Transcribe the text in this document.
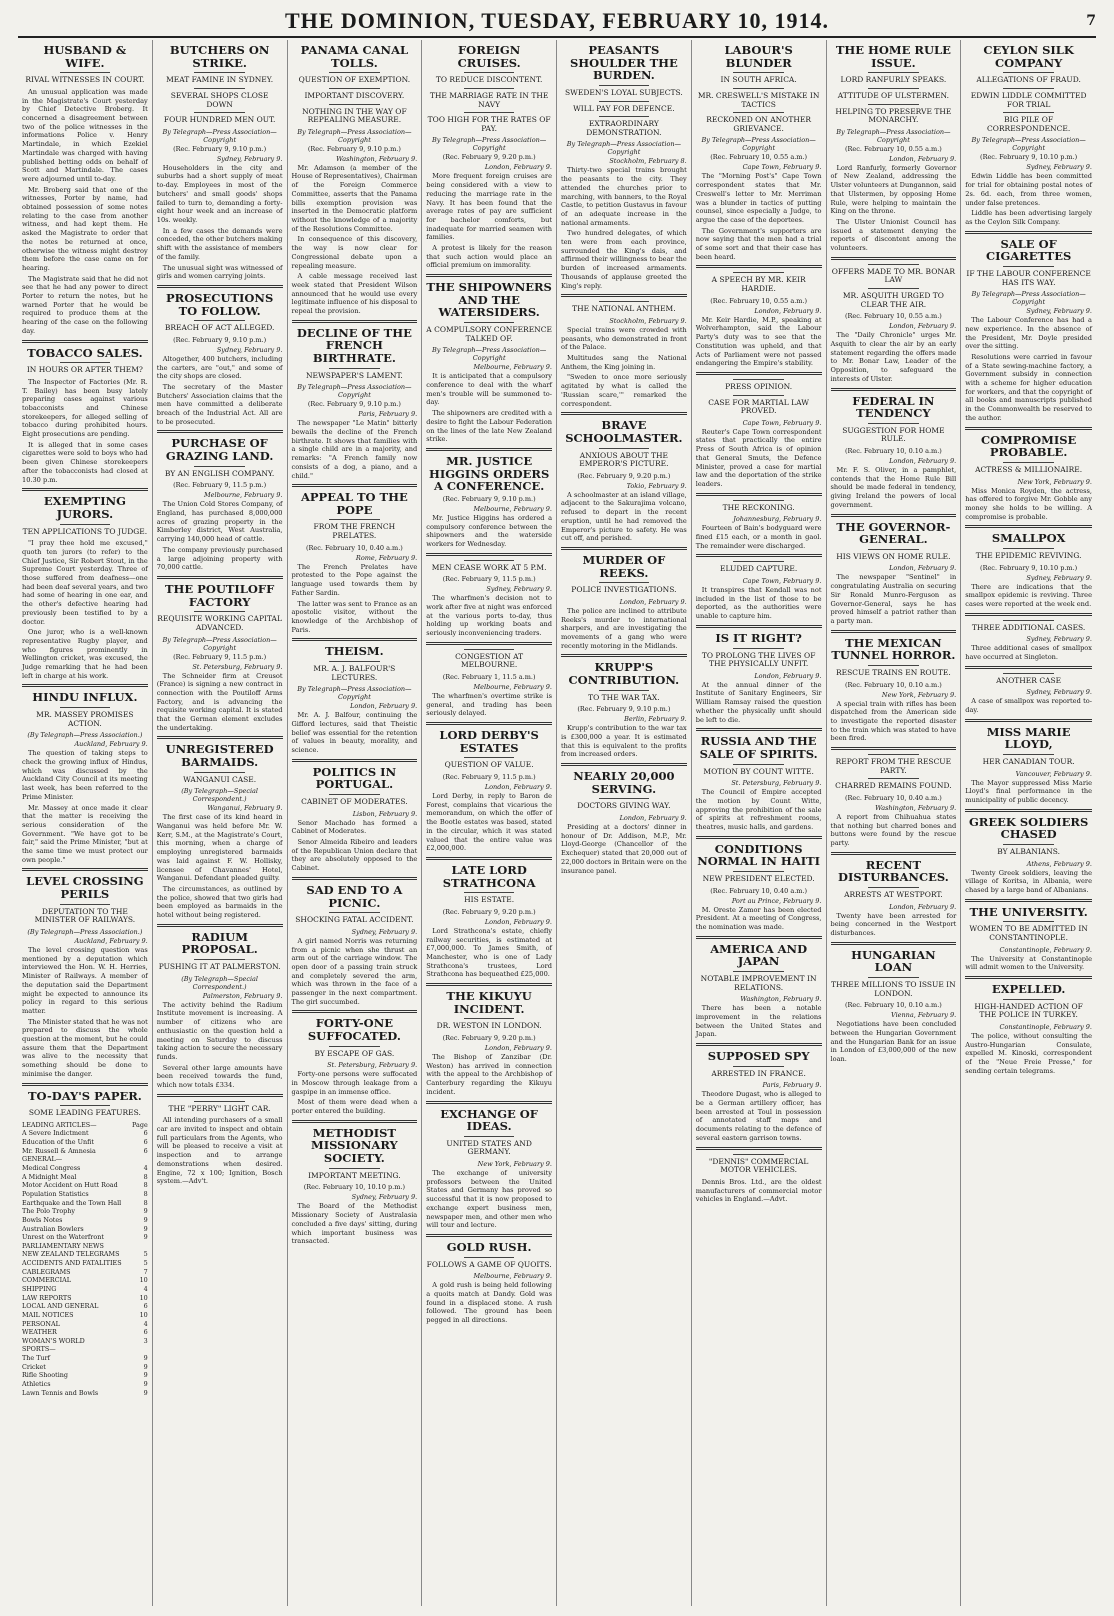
THE DOMINION, TUESDAY, FEBRUARY 10, 1914.	7
HUSBAND & WIFE.
RIVAL WITNESSES IN COURT.

An unusual application was made in the Magistrate's Court yesterday by Chief Detective Broberg. It concerned a disagreement between two of the police witnesses in the informations Police v. Henry Martindale, in which Ezekiel Martindale was charged with having published betting odds on behalf of Scott and Martindale. The cases were adjourned until to-day.

Mr. Broberg said that one of the witnesses, Porter by name, had obtained possession of some notes relating to the case from another witness, and had kept them. He asked the Magistrate to order that the notes be returned at once, otherwise the witness might destroy them before the case came on for hearing.

The Magistrate said that he did not see that he had any power to direct Porter to return the notes, but he warned Porter that he would be required to produce them at the hearing of the case on the following day.

TOBACCO SALES.
IN HOURS OR AFTER THEM?

The Inspector of Factories (Mr. R. T. Bailey) has been busy lately preparing cases against various tobacconists and Chinese storekeepers, for alleged selling of tobacco during prohibited hours. Eight prosecutions are pending.

It is alleged that in some cases cigarettes were sold to boys who had been given Chinese storekeepers after the tobacconists had closed at 10.30 p.m.

EXEMPTING JURORS.
TEN APPLICATIONS TO JUDGE.

"I pray thee hold me excused," quoth ten jurors (to refer) to the Chief Justice, Sir Robert Stout, in the Supreme Court yesterday. Three of those suffered from deafness—one had been deaf several years, and two had some of hearing in one ear, and the other's defective hearing had previously been testified to by a doctor.

One juror, who is a well-known representative Rugby player, and who figures prominently in Wellington cricket, was excused, the Judge remarking that he had been left in charge at his work.

HINDU INFLUX.
MR. MASSEY PROMISES ACTION.
(By Telegraph—Press Association.)
Auckland, February 9.

The question of taking steps to check the growing influx of Hindus, which was discussed by the Auckland City Council at its meeting last week, has been referred to the Prime Minister.

Mr. Massey at once made it clear that the matter is receiving the serious consideration of the Government. "We have got to be fair," said the Prime Minister, "but at the same time we must protect our own people."

LEVEL CROSSING PERILS
DEPUTATION TO THE MINISTER OF RAILWAYS.
(By Telegraph—Press Association.)
Auckland, February 9.

The level crossing question was mentioned by a deputation which interviewed the Hon. W. H. Herries, Minister of Railways. A member of the deputation said the Department might be expected to announce its policy in regard to this serious matter.

The Minister stated that he was not prepared to discuss the whole question at the moment, but he could assure them that the Department was alive to the necessity that something should be done to minimise the danger.

TO-DAY'S PAPER.
SOME LEADING FEATURES.
LEADING ARTICLES—	Page
A Severe Indictment	6
Education of the Unfit	6
Mr. Russell & Amnesia	6
GENERAL—
Medical Congress	4
A Midnight Meal	8
Motor Accident on Hutt Road	8
Population Statistics	8
Earthquake and the Town Hall	8
The Polo Trophy	9
Bowls Notes	9
Australian Bowlers	9
Unrest on the Waterfront	9
PARLIAMENTARY NEWS
NEW ZEALAND TELEGRAMS	5
ACCIDENTS AND FATALITIES	5
CABLEGRAMS	7
COMMERCIAL	10
SHIPPING	4
LAW REPORTS	10
LOCAL AND GENERAL	6
MAIL NOTICES	10
PERSONAL	4
WEATHER	6
WOMAN'S WORLD	3
SPORTS—
The Turf	9
Cricket	9
Rifle Shooting	9
Athletics	9
Lawn Tennis and Bowls	9
BUTCHERS ON STRIKE.
MEAT FAMINE IN SYDNEY.
SEVERAL SHOPS CLOSE DOWN
FOUR HUNDRED MEN OUT.
By Telegraph—Press Association—Copyright
(Rec. February 9, 9.10 p.m.)
Sydney, February 9.

Householders in the city and suburbs had a short supply of meat to-day. Employees in most of the butchers' and small goods' shops failed to turn to, demanding a forty-eight hour week and an increase of 10s. weekly.

In a few cases the demands were conceded, the other butchers making shift with the assistance of members of the family.

The unusual sight was witnessed of girls and women carrying joints.

PROSECUTIONS TO FOLLOW.
BREACH OF ACT ALLEGED.
(Rec. February 9, 9.10 p.m.)
Sydney, February 9.

Altogether, 400 butchers, including the carters, are "out," and some of the city shops are closed.

The secretary of the Master Butchers' Association claims that the men have committed a deliberate breach of the Industrial Act. All are to be prosecuted.

PURCHASE OF GRAZING LAND.
BY AN ENGLISH COMPANY.
(Rec. February 9, 11.5 p.m.)
Melbourne, February 9.

The Union Cold Stores Company, of England, has purchased 8,000,000 acres of grazing property in the Kimberley district, West Australia, carrying 140,000 head of cattle.

The company previously purchased a large adjoining property with 70,000 cattle.

THE POUTILOFF FACTORY
REQUISITE WORKING CAPITAL ADVANCED.
By Telegraph—Press Association—Copyright
(Rec. February 9, 11.5 p.m.)
St. Petersburg, February 9.

The Schneider firm at Creusot (France) is signing a new contract in connection with the Poutiloff Arms Factory, and is advancing the requisite working capital. It is stated that the German element excludes the undertaking.

UNREGISTERED BARMAIDS.
WANGANUI CASE.
(By Telegraph—Special Correspondent.)
Wanganui, February 9.

The first case of its kind heard in Wanganui was held before Mr. W. Kerr, S.M., at the Magistrate's Court, this morning, when a charge of employing unregistered barmaids was laid against F. W. Hollisky, licensee of Chavannes' Hotel, Wanganui. Defendant pleaded guilty.

The circumstances, as outlined by the police, showed that two girls had been employed as barmaids in the hotel without being registered.

RADIUM PROPOSAL.
PUSHING IT AT PALMERSTON.
(By Telegraph—Special Correspondent.)
Palmerston, February 9.

The activity behind the Radium Institute movement is increasing. A number of citizens who are enthusiastic on the question held a meeting on Saturday to discuss taking action to secure the necessary funds.

Several other large amounts have been received towards the fund, which now totals £334.

THE "PERRY" LIGHT CAR.

All intending purchasers of a small car are invited to inspect and obtain full particulars from the Agents, who will be pleased to receive a visit at inspection and to arrange demonstrations when desired. Engine, 72 x 100; Ignition, Bosch system.—Adv't.

PANAMA CANAL TOLLS.
QUESTION OF EXEMPTION.
IMPORTANT DISCOVERY.
NOTHING IN THE WAY OF REPEALING MEASURE.
By Telegraph—Press Association—Copyright
(Rec. February 9, 9.10 p.m.)
Washington, February 9.

Mr. Adamson (a member of the House of Representatives), Chairman of the Foreign Commerce Committee, asserts that the Panama bills exemption provision was inserted in the Democratic platform without the knowledge of a majority of the Resolutions Committee.

In consequence of this discovery, the way is now clear for Congressional debate upon a repealing measure.

A cable message received last week stated that President Wilson announced that he would use every legitimate influence of his disposal to repeal the provision.

DECLINE OF THE FRENCH BIRTHRATE.
NEWSPAPER'S LAMENT.
By Telegraph—Press Association—Copyright
(Rec. February 9, 9.10 p.m.)
Paris, February 9.

The newspaper "Le Matin" bitterly bewails the decline of the French birthrate. It shows that families with a single child are in a majority, and remarks: "A French family now consists of a dog, a piano, and a child."

APPEAL TO THE POPE
FROM THE FRENCH PRELATES.
(Rec. February 10, 0.40 a.m.)
Rome, February 9.

The French Prelates have protested to the Pope against the language used towards them by Father Sardin.

The latter was sent to France as an apostolic visitor, without the knowledge of the Archbishop of Paris.

THEISM.
MR. A. J. BALFOUR'S LECTURES.
By Telegraph—Press Association—Copyright
London, February 9.

Mr. A. J. Balfour, continuing the Gifford lectures, said that Theistic belief was essential for the retention of values in beauty, morality, and science.

POLITICS IN PORTUGAL.
CABINET OF MODERATES.
Lisbon, February 9.

Senor Machado has formed a Cabinet of Moderates.

Senor Almeida Ribeiro and leaders of the Republican Union declare that they are absolutely opposed to the Cabinet.

SAD END TO A PICNIC.
SHOCKING FATAL ACCIDENT.
Sydney, February 9.

A girl named Norris was returning from a picnic when she thrust an arm out of the carriage window. The open door of a passing train struck and completely severed the arm, which was thrown in the face of a passenger in the next compartment. The girl succumbed.

FORTY-ONE SUFFOCATED.
BY ESCAPE OF GAS.
St. Petersburg, February 9.

Forty-one persons were suffocated in Moscow through leakage from a gaspipe in an immense office.

Most of them were dead when a porter entered the building.

METHODIST MISSIONARY SOCIETY.
IMPORTANT MEETING.
(Rec. February 10, 10.10 p.m.)
Sydney, February 9.

The Board of the Methodist Missionary Society of Australasia concluded a five days' sitting, during which important business was transacted.

FOREIGN CRUISES.
TO REDUCE DISCONTENT.
THE MARRIAGE RATE IN THE NAVY
TOO HIGH FOR THE RATES OF PAY.
By Telegraph—Press Association—Copyright
(Rec. February 9, 9.20 p.m.)
London, February 9.

More frequent foreign cruises are being considered with a view to reducing the marriage rate in the Navy. It has been found that the average rates of pay are sufficient for bachelor comforts, but inadequate for married seamen with families.

A protest is likely for the reason that such action would place an official premium on immorality.

THE SHIPOWNERS AND THE WATERSIDERS.
A COMPULSORY CONFERENCE TALKED OF.
By Telegraph—Press Association—Copyright
Melbourne, February 9.

It is anticipated that a compulsory conference to deal with the wharf men's trouble will be summoned to-day.

The shipowners are credited with a desire to fight the Labour Federation on the lines of the late New Zealand strike.

MR. JUSTICE HIGGINS ORDERS A CONFERENCE.
(Rec. February 9, 9.10 p.m.)
Melbourne, February 9.

Mr. Justice Higgins has ordered a compulsory conference between the shipowners and the waterside workers for Wednesday.

MEN CEASE WORK AT 5 P.M.
(Rec. February 9, 11.5 p.m.)
Sydney, February 9.

The wharfmen's decision not to work after five at night was enforced at the various ports to-day, thus holding up working boats and seriously inconveniencing traders.

CONGESTION AT MELBOURNE.
(Rec. February 1, 11.5 a.m.)
Melbourne, February 9.

The wharfmen's overtime strike is general, and trading has been seriously delayed.

LORD DERBY'S ESTATES
QUESTION OF VALUE.
(Rec. February 9, 11.5 p.m.)
London, February 9.

Lord Derby, in reply to Baron de Forest, complains that vicarious the memorandum, on which the offer of the Bootle estates was based, stated in the circular, which it was stated valued that the entire value was £2,000,000.

LATE LORD STRATHCONA
HIS ESTATE.
(Rec. February 9, 9.20 p.m.)
London, February 9.

Lord Strathcona's estate, chiefly railway securities, is estimated at £7,000,000. To James Smith, of Manchester, who is one of Lady Strathcona's trustees, Lord Strathcona has bequeathed £25,000.

THE KIKUYU INCIDENT.
DR. WESTON IN LONDON.
(Rec. February 9, 9.20 p.m.)
London, February 9.

The Bishop of Zanzibar (Dr. Weston) has arrived in connection with the appeal to the Archbishop of Canterbury regarding the Kikuyu incident.

EXCHANGE OF IDEAS.
UNITED STATES AND GERMANY.
New York, February 9.

The exchange of university professors between the United States and Germany has proved so successful that it is now proposed to exchange expert business men, newspaper men, and other men who will tour and lecture.

GOLD RUSH.
FOLLOWS A GAME OF QUOITS.
Melbourne, February 9.

A gold rush is being held following a quoits match at Dandy. Gold was found in a displaced stone. A rush followed. The ground has been pegged in all directions.

PEASANTS SHOULDER THE BURDEN.
SWEDEN'S LOYAL SUBJECTS.
WILL PAY FOR DEFENCE.
EXTRAORDINARY DEMONSTRATION.
By Telegraph—Press Association—Copyright
Stockholm, February 8.

Thirty-two special trains brought the peasants to the city. They attended the churches prior to marching, with banners, to the Royal Castle, to petition Gustavus in favour of an adequate increase in the national armaments.

Two hundred delegates, of which ten were from each province, surrounded the King's dais, and affirmed their willingness to bear the burden of increased armaments. Thousands of applause greeted the King's reply.

THE NATIONAL ANTHEM.
Stockholm, February 9.

Special trains were crowded with peasants, who demonstrated in front of the Palace.

Multitudes sang the National Anthem, the King joining in.

"Sweden to once more seriously agitated by what is called the 'Russian scare,'" remarked the correspondent.

BRAVE SCHOOLMASTER.
ANXIOUS ABOUT THE EMPEROR'S PICTURE.
(Rec. February 9, 9.20 p.m.)
Tokio, February 9.

A schoolmaster at an island village, adjacent to the Sakurajima volcano, refused to depart in the recent eruption, until he had removed the Emperor's picture to safety. He was cut off, and perished.

MURDER OF REEKS.
POLICE INVESTIGATIONS.
London, February 9.

The police are inclined to attribute Reeks's murder to international sharpers, and are investigating the movements of a gang who were recently motoring in the Midlands.

KRUPP'S CONTRIBUTION.
TO THE WAR TAX.
(Rec. February 9, 9.10 p.m.)
Berlin, February 9.

Krupp's contribution to the war tax is £300,000 a year. It is estimated that this is equivalent to the profits from increased orders.

NEARLY 20,000 SERVING.
DOCTORS GIVING WAY.
London, February 9.

Presiding at a doctors' dinner in honour of Dr. Addison, M.P., Mr. Lloyd-George (Chancellor of the Exchequer) stated that 20,000 out of 22,000 doctors in Britain were on the insurance panel.

LABOUR'S BLUNDER
IN SOUTH AFRICA.
MR. CRESWELL'S MISTAKE IN TACTICS
RECKONED ON ANOTHER GRIEVANCE.
By Telegraph—Press Association—Copyright
(Rec. February 10, 0.55 a.m.)
Cape Town, February 9.

The "Morning Post's" Cape Town correspondent states that Mr. Creswell's letter to Mr. Merriman was a blunder in tactics of putting counsel, since especially a Judge, to argue the case of the deportees.

The Government's supporters are now saying that the men had a trial of some sort and that their case has been heard.

A SPEECH BY MR. KEIR HARDIE.
(Rec. February 10, 0.55 a.m.)
London, February 9.

Mr. Keir Hardie, M.P., speaking at Wolverhampton, said the Labour Party's duty was to see that the Constitution was upheld, and that Acts of Parliament were not passed endangering the Empire's stability.

PRESS OPINION.
CASE FOR MARTIAL LAW PROVED.
Cape Town, February 9.

Reuter's Cape Town correspondent states that practically the entire Press of South Africa is of opinion that General Smuts, the Defence Minister, proved a case for martial law and the deportation of the strike leaders.

THE RECKONING.
Johannesburg, February 9.

Fourteen of Bain's bodyguard were fined £15 each, or a month in gaol. The remainder were discharged.

ELUDED CAPTURE.
Cape Town, February 9.

It transpires that Kendall was not included in the list of those to be deported, as the authorities were unable to capture him.

IS IT RIGHT?
TO PROLONG THE LIVES OF THE PHYSICALLY UNFIT.
London, February 9.

At the annual dinner of the Institute of Sanitary Engineers, Sir William Ramsay raised the question whether the physically unfit should be left to die.

RUSSIA AND THE SALE OF SPIRITS.
MOTION BY COUNT WITTE.
St. Petersburg, February 9.

The Council of Empire accepted the motion by Count Witte, approving the prohibition of the sale of spirits at refreshment rooms, theatres, music halls, and gardens.

CONDITIONS NORMAL IN HAITI
NEW PRESIDENT ELECTED.
(Rec. February 10, 0.40 a.m.)
Port au Prince, February 9.

M. Oreste Zamor has been elected President. At a meeting of Congress, the nomination was made.

AMERICA AND JAPAN
NOTABLE IMPROVEMENT IN RELATIONS.
Washington, February 9.

There has been a notable improvement in the relations between the United States and Japan.

SUPPOSED SPY
ARRESTED IN FRANCE.
Paris, February 9.

Theodore Dugast, who is alleged to be a German artillery officer, has been arrested at Toul in possession of annotated staff maps and documents relating to the defence of several eastern garrison towns.

"DENNIS" COMMERCIAL MOTOR VEHICLES.

Dennis Bros. Ltd., are the oldest manufacturers of commercial motor vehicles in England.—Advt.

THE HOME RULE ISSUE.
LORD RANFURLY SPEAKS.
ATTITUDE OF ULSTERMEN.
HELPING TO PRESERVE THE MONARCHY.
By Telegraph—Press Association—Copyright
(Rec. February 10, 0.55 a.m.)
London, February 9.

Lord Ranfurly, formerly Governor of New Zealand, addressing the Ulster volunteers at Dungannon, said that Ulstermen, by opposing Home Rule, were helping to maintain the King on the throne.

The Ulster Unionist Council has issued a statement denying the reports of discontent among the volunteers.

OFFERS MADE TO MR. BONAR LAW
MR. ASQUITH URGED TO CLEAR THE AIR.
(Rec. February 10, 0.55 a.m.)
London, February 9.

The "Daily Chronicle" urges Mr. Asquith to clear the air by an early statement regarding the offers made to Mr. Bonar Law, Leader of the Opposition, to safeguard the interests of Ulster.

FEDERAL IN TENDENCY
SUGGESTION FOR HOME RULE.
(Rec. February 10, 0.10 a.m.)
London, February 9.

Mr. F. S. Oliver, in a pamphlet, contends that the Home Rule Bill should be made federal in tendency, giving Ireland the powers of local government.

THE GOVERNOR-GENERAL.
HIS VIEWS ON HOME RULE.
London, February 9.

The newspaper "Sentinel" in congratulating Australia on securing Sir Ronald Munro-Ferguson as Governor-General, says he has proved himself a patriot rather than a party man.

THE MEXICAN TUNNEL HORROR.
RESCUE TRAINS EN ROUTE.
(Rec. February 10, 0.10 a.m.)
New York, February 9.

A special train with rifles has been dispatched from the American side to investigate the reported disaster to the train which was stated to have been fired.

REPORT FROM THE RESCUE PARTY.
CHARRED REMAINS FOUND.
(Rec. February 10, 0.40 a.m.)
Washington, February 9.

A report from Chihuahua states that nothing but charred bones and buttons were found by the rescue party.

RECENT DISTURBANCES.
ARRESTS AT WESTPORT.
London, February 9.

Twenty have been arrested for being concerned in the Westport disturbances.

HUNGARIAN LOAN
THREE MILLIONS TO ISSUE IN LONDON.
(Rec. February 10, 0.10 a.m.)
Vienna, February 9.

Negotiations have been concluded between the Hungarian Government and the Hungarian Bank for an issue in London of £3,000,000 of the new loan.

CEYLON SILK COMPANY
ALLEGATIONS OF FRAUD.
EDWIN LIDDLE COMMITTED FOR TRIAL
BIG PILE OF CORRESPONDENCE.
By Telegraph—Press Association—Copyright
(Rec. February 9, 10.10 p.m.)
Sydney, February 9.

Edwin Liddle has been committed for trial for obtaining postal notes of 2s. 6d. each, from three women, under false pretences.

Liddle has been advertising largely as the Ceylon Silk Company.

SALE OF CIGARETTES
IF THE LABOUR CONFERENCE HAS ITS WAY.
By Telegraph—Press Association—Copyright
Sydney, February 9.

The Labour Conference has had a new experience. In the absence of the President, Mr. Doyle presided over the sitting.

Resolutions were carried in favour of a State sewing-machine factory, a Government subsidy in connection with a scheme for higher education for workers, and that the copyright of all books and manuscripts published in the Commonwealth be reserved to the author.

COMPROMISE PROBABLE.
ACTRESS & MILLIONAIRE.
New York, February 9.

Miss Monica Royden, the actress, has offered to forgive Mr. Gobble any money she holds to be willing. A compromise is probable.

SMALLPOX
THE EPIDEMIC REVIVING.
(Rec. February 9, 10.10 p.m.)
Sydney, February 9.

There are indications that the smallpox epidemic is reviving. Three cases were reported at the week end.

THREE ADDITIONAL CASES.
Sydney, February 9.

Three additional cases of smallpox have occurred at Singleton.

ANOTHER CASE
Sydney, February 9.

A case of smallpox was reported to-day.

MISS MARIE LLOYD,
HER CANADIAN TOUR.
Vancouver, February 9.

The Mayor suppressed Miss Marie Lloyd's final performance in the municipality of public decency.

GREEK SOLDIERS CHASED
BY ALBANIANS.
Athens, February 9.

Twenty Greek soldiers, leaving the village of Koritsa, in Albania, were chased by a large band of Albanians.

THE UNIVERSITY.
WOMEN TO BE ADMITTED IN CONSTANTINOPLE.
Constantinople, February 9.

The University at Constantinople will admit women to the University.

EXPELLED.
HIGH-HANDED ACTION OF THE POLICE IN TURKEY.
Constantinople, February 9.

The police, without consulting the Austro-Hungarian Consulate, expelled M. Kinoski, correspondent of the "Neue Freie Presse," for sending certain telegrams.
